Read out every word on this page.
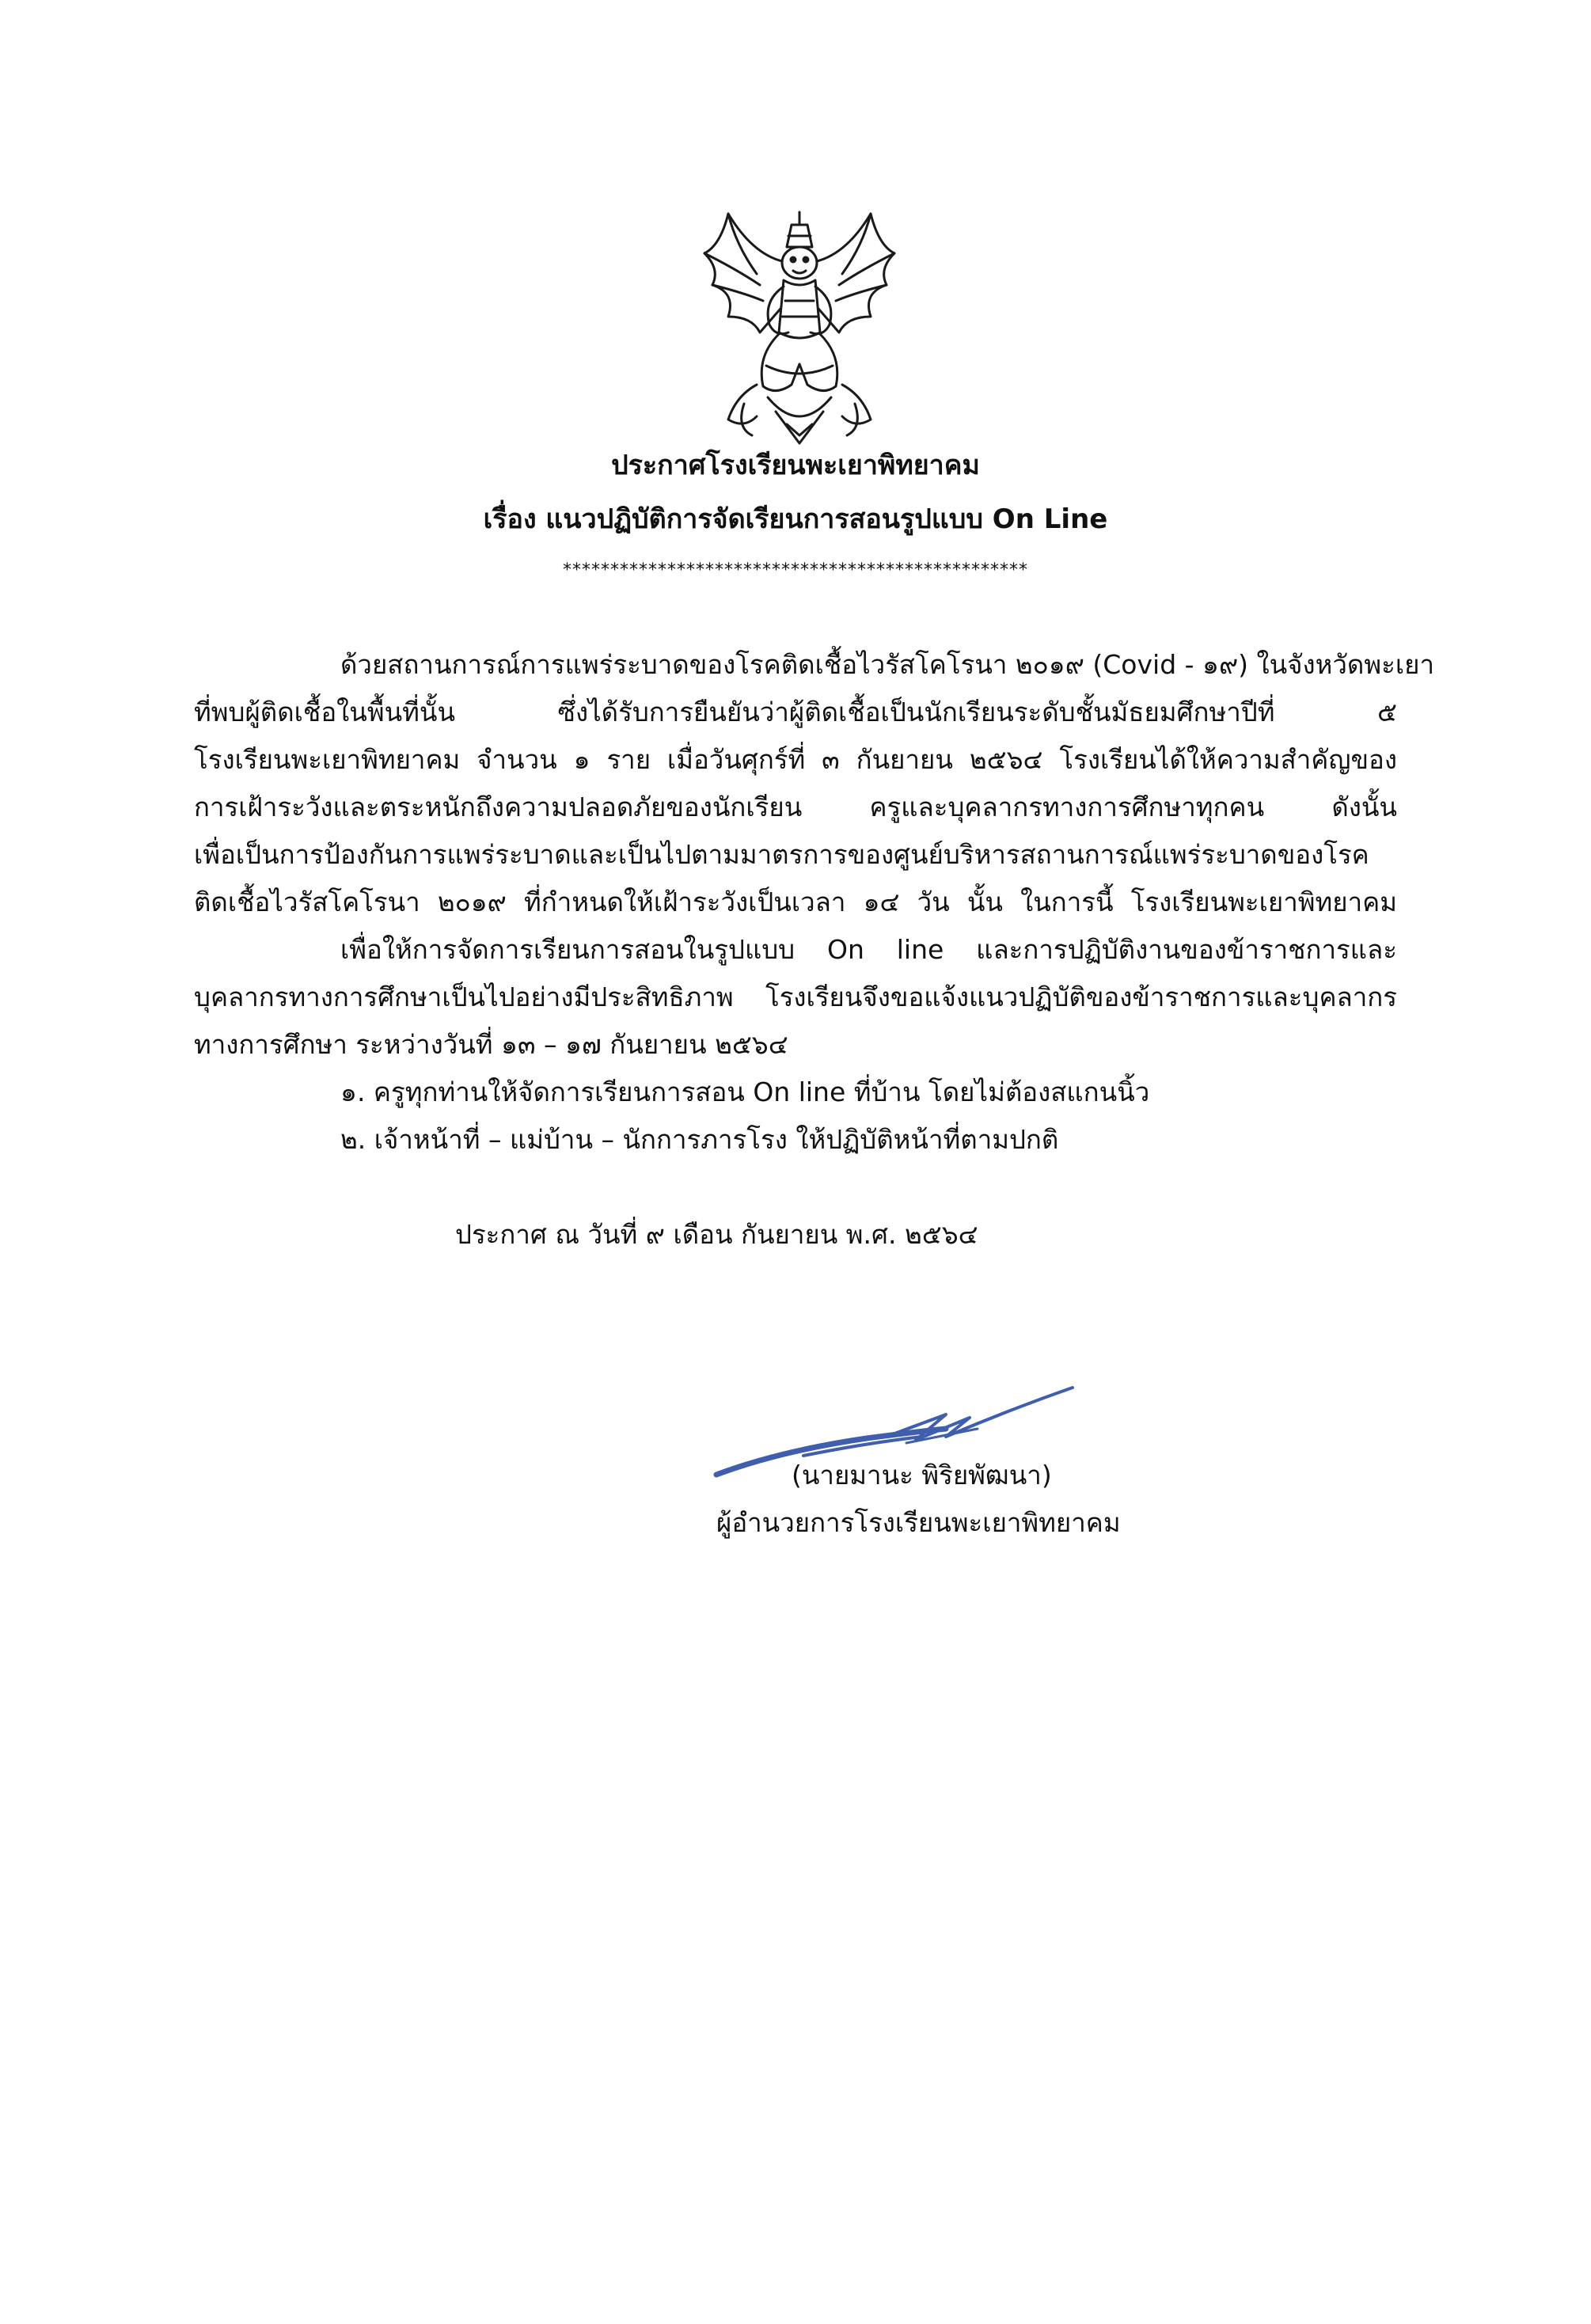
ประกาศโรงเรียนพะเยาพิทยาคม
เรื่อง แนวปฏิบัติการจัดเรียนการสอนรูปแบบ On Line
*************************************************
ด้วยสถานการณ์การแพร่ระบาดของโรคติดเชื้อไวรัสโคโรนา ๒๐๑๙ (Covid - ๑๙) ในจังหวัดพะเยา
ที่พบผู้ติดเชื้อในพื้นที่นั้น ซึ่งได้รับการยืนยันว่าผู้ติดเชื้อเป็นนักเรียนระดับชั้นมัธยมศึกษาปีที่ ๕
โรงเรียนพะเยาพิทยาคม จำนวน ๑ ราย เมื่อวันศุกร์ที่ ๓ กันยายน ๒๕๖๔ โรงเรียนได้ให้ความสำคัญของ
การเฝ้าระวังและตระหนักถึงความปลอดภัยของนักเรียน ครูและบุคลากรทางการศึกษาทุกคน ดังนั้น
เพื่อเป็นการป้องกันการแพร่ระบาดและเป็นไปตามมาตรการของศูนย์บริหารสถานการณ์แพร่ระบาดของโรค
ติดเชื้อไวรัสโคโรนา ๒๐๑๙ ที่กำหนดให้เฝ้าระวังเป็นเวลา ๑๔ วัน นั้น ในการนี้ โรงเรียนพะเยาพิทยาคม
เพื่อให้การจัดการเรียนการสอนในรูปแบบ On line และการปฏิบัติงานของข้าราชการและ
บุคลากรทางการศึกษาเป็นไปอย่างมีประสิทธิภาพ โรงเรียนจึงขอแจ้งแนวปฏิบัติของข้าราชการและบุคลากร
ทางการศึกษา ระหว่างวันที่ ๑๓ – ๑๗ กันยายน ๒๕๖๔
๑. ครูทุกท่านให้จัดการเรียนการสอน On line ที่บ้าน โดยไม่ต้องสแกนนิ้ว
๒. เจ้าหน้าที่ – แม่บ้าน – นักการภารโรง ให้ปฏิบัติหน้าที่ตามปกติ
ประกาศ ณ วันที่ ๙ เดือน กันยายน พ.ศ. ๒๕๖๔
(นายมานะ พิริยพัฒนา)
ผู้อำนวยการโรงเรียนพะเยาพิทยาคม
